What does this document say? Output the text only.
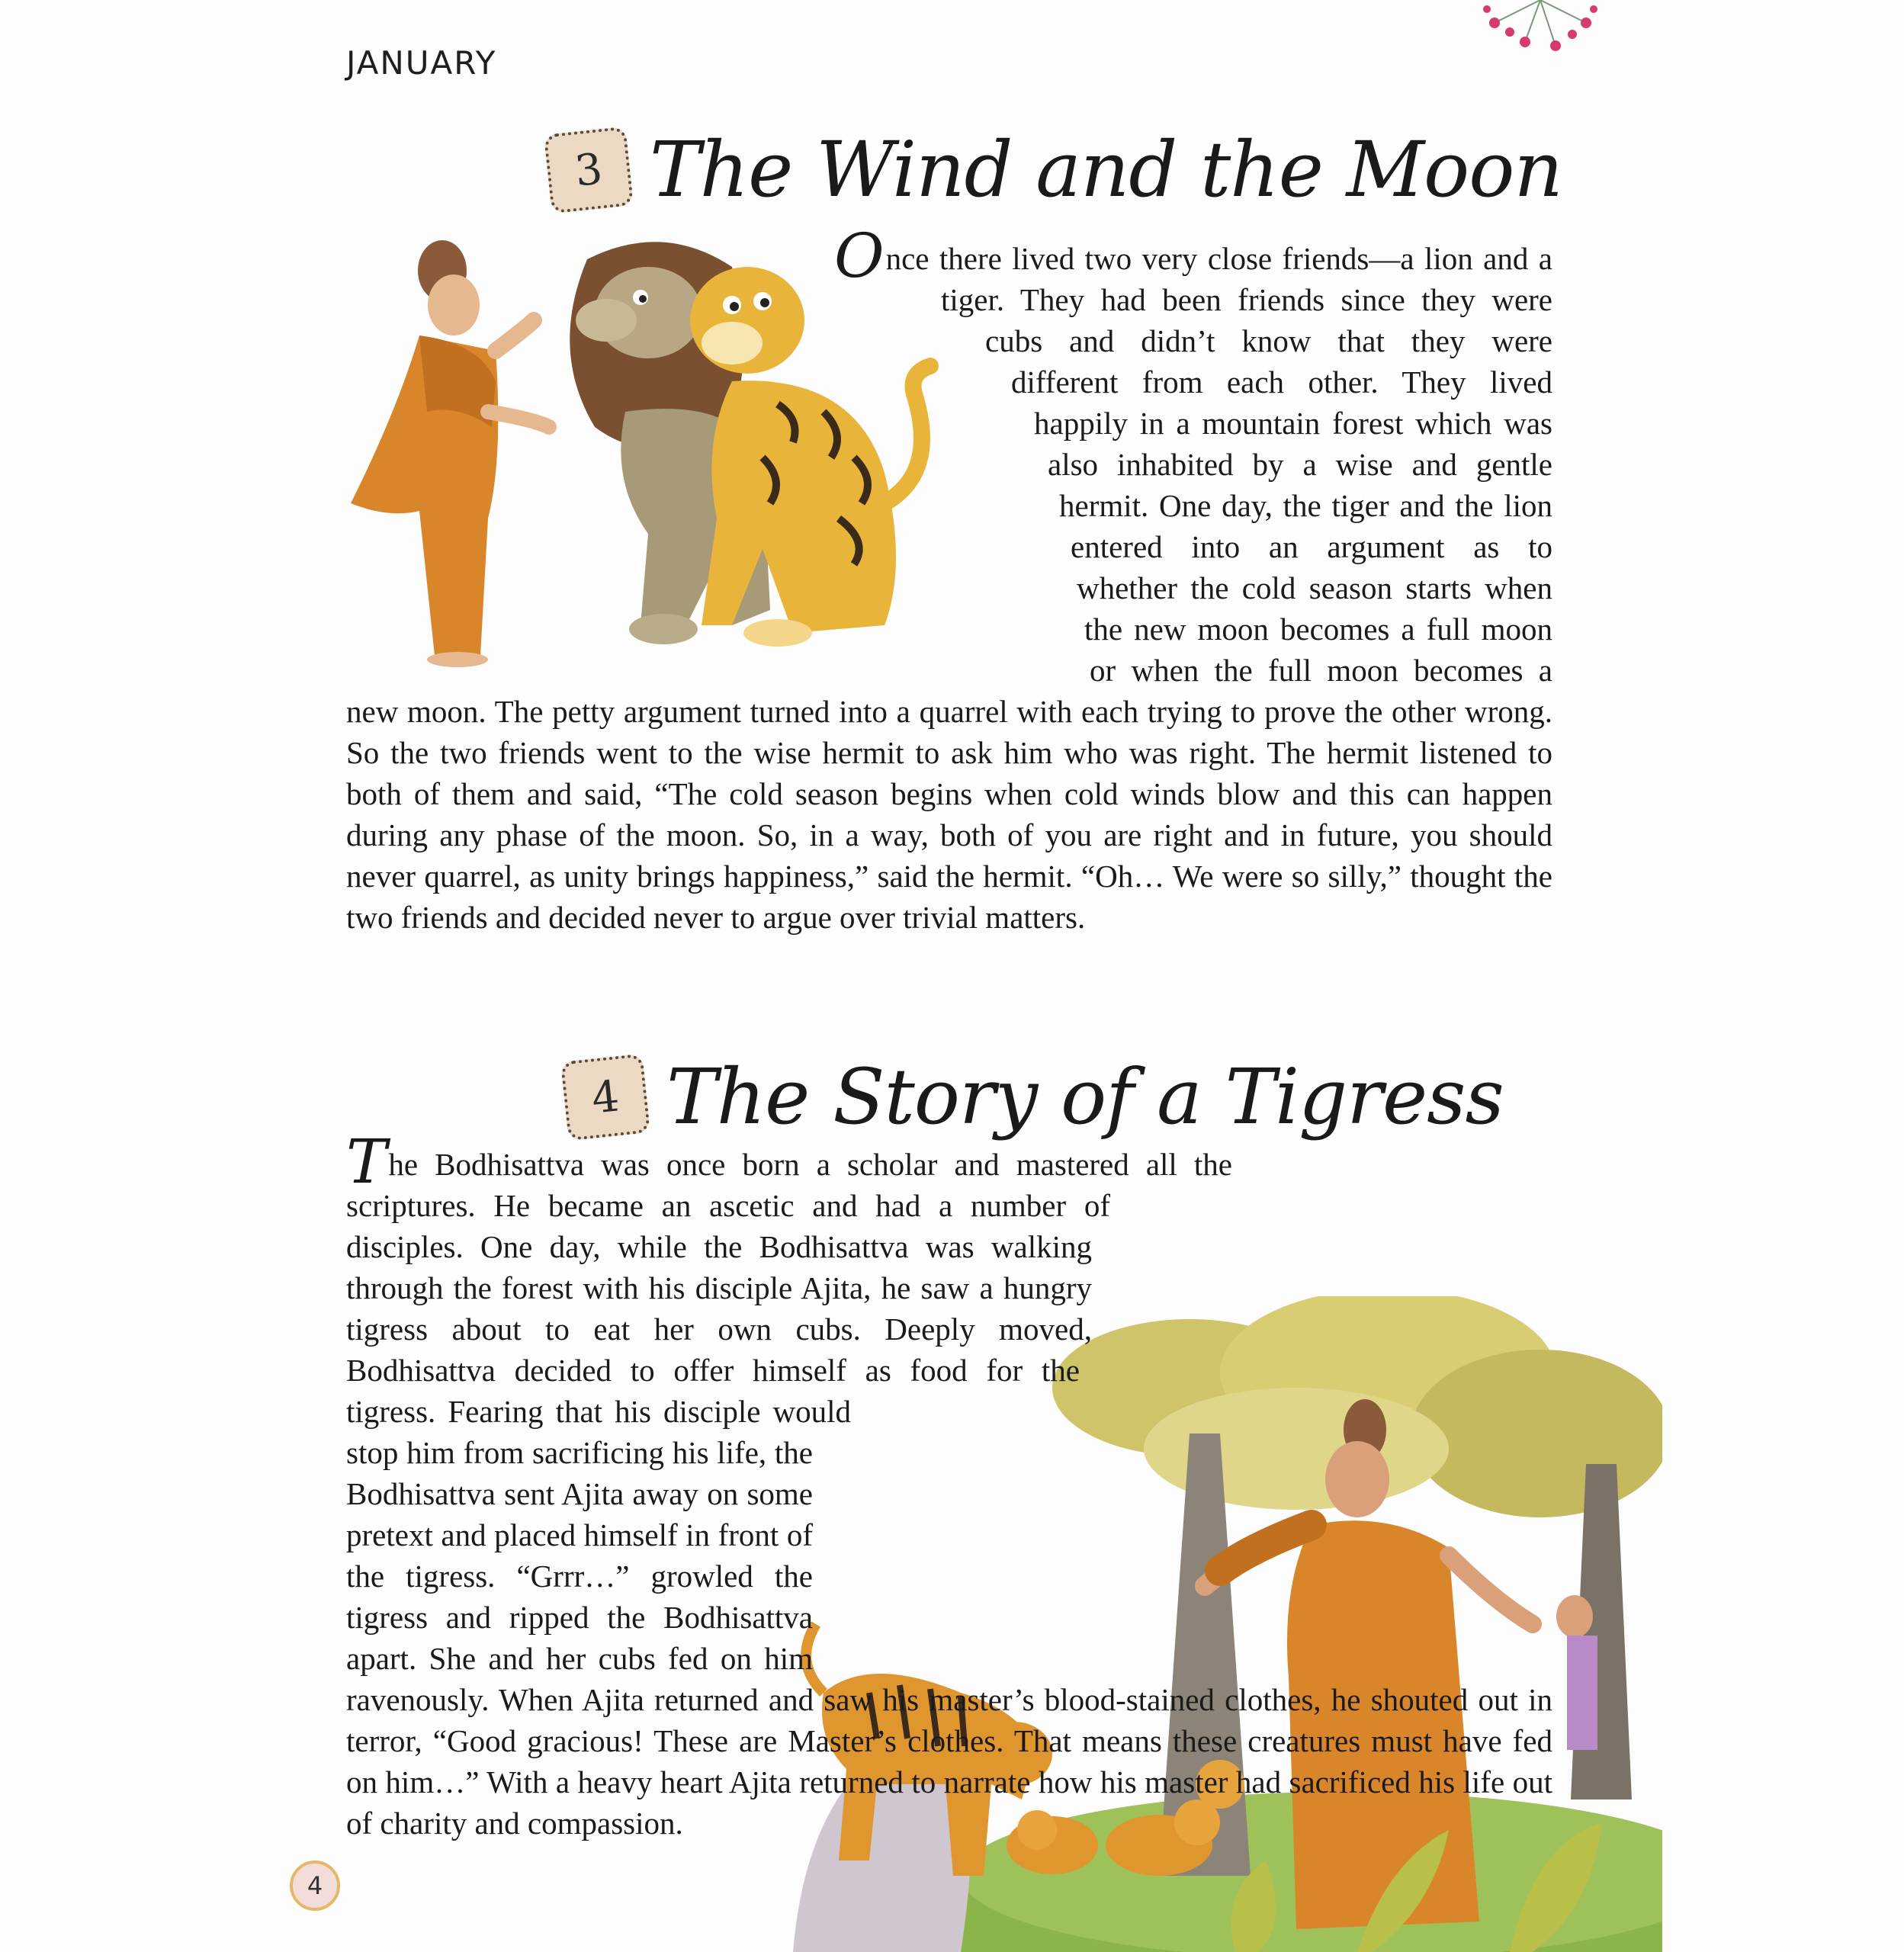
JANUARY
3 The Wind and the Moon
Once there lived two very close friends—a lion and a tiger. They had been friends since they were cubs and didn’t know that they were different from each other. They lived happily in a mountain forest which was also inhabited by a wise and gentle hermit. One day, the tiger and the lion entered into an argument as to whether the cold season starts when the new moon becomes a full moon or when the full moon becomes a new moon. The petty argument turned into a quarrel with each trying to prove the other wrong. So the two friends went to the wise hermit to ask him who was right. The hermit listened to both of them and said, “The cold season begins when cold winds blow and this can happen during any phase of the moon. So, in a way, both of you are right and in future, you should never quarrel, as unity brings happiness,” said the hermit. “Oh… We were so silly,” thought the two friends and decided never to argue over trivial matters.
4 The Story of a Tigress
The Bodhisattva was once born a scholar and mastered all the scriptures. He became an ascetic and had a number of disciples. One day, while the Bodhisattva was walking through the forest with his disciple Ajita, he saw a hungry tigress about to eat her own cubs. Deeply moved, Bodhisattva decided to offer himself as food for the tigress. Fearing that his disciple would stop him from sacrificing his life, the Bodhisattva sent Ajita away on some pretext and placed himself in front of the tigress. “Grrr…” growled the tigress and ripped the Bodhisattva apart. She and her cubs fed on him ravenously. When Ajita returned and saw his master’s blood-stained clothes, he shouted out in terror, “Good gracious! These are Master’s clothes. That means these creatures must have fed on him…” With a heavy heart Ajita returned to narrate how his master had sacrificed his life out of charity and compassion.
4
